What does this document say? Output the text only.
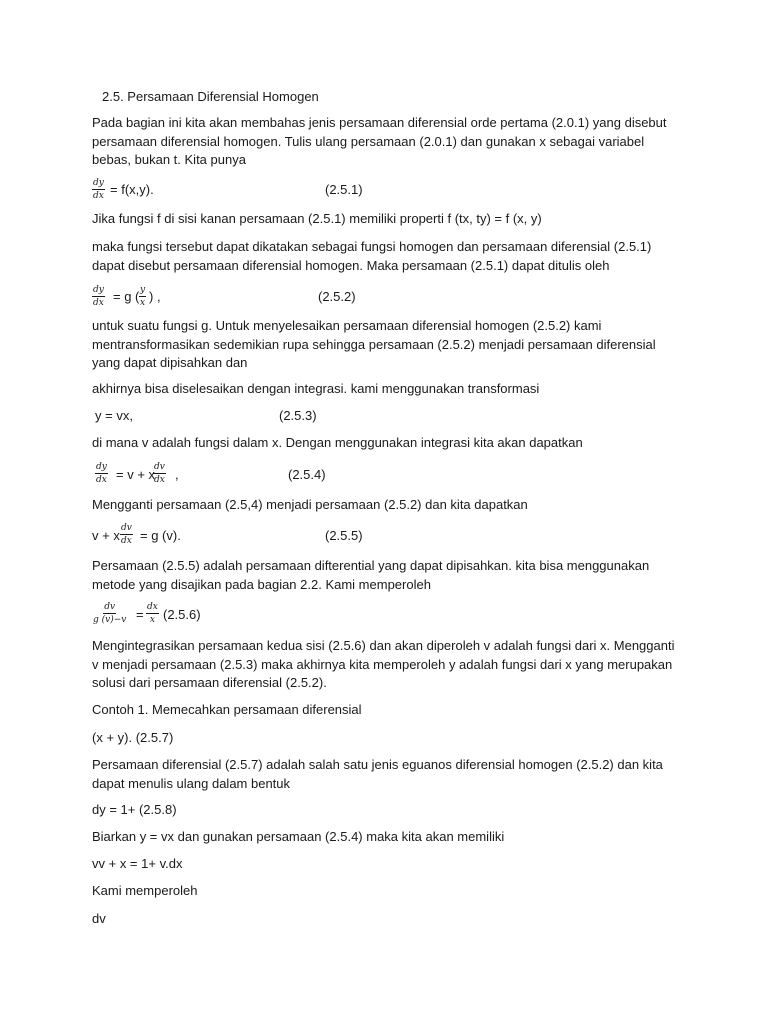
2.5. Persamaan Diferensial Homogen
Pada bagian ini kita akan membahas jenis persamaan diferensial orde pertama (2.0.1) yang disebut persamaan diferensial homogen. Tulis ulang persamaan (2.0.1) dan gunakan x sebagai variabel bebas, bukan t. Kita punya
$\frac{dy}{dx} = f(x,y)$.	(2.5.1)
Jika fungsi f di sisi kanan persamaan (2.5.1) memiliki properti f (tx, ty) = f (x, y)
maka fungsi tersebut dapat dikatakan sebagai fungsi homogen dan persamaan diferensial (2.5.1) dapat disebut persamaan diferensial homogen. Maka persamaan (2.5.1) dapat ditulis oleh
$\frac{dy}{dx} = g$ ( $\frac{y}{x}$ ) ,	(2.5.2)
untuk suatu fungsi g. Untuk menyelesaikan persamaan diferensial homogen (2.5.2) kami mentransformasikan sedemikian rupa sehingga persamaan (2.5.2) menjadi persamaan diferensial yang dapat dipisahkan dan
akhirnya bisa diselesaikan dengan integrasi. kami menggunakan transformasi
y = vx,	(2.5.3)
di mana v adalah fungsi dalam x. Dengan menggunakan integrasi kita akan dapatkan
$\frac{dy}{dx} = v + x$
$\frac{dv}{dx}$ ,	(2.5.4)
Mengganti persamaan (2.5,4) menjadi persamaan (2.5.2) dan kita dapatkan
v + x $\frac{dv}{dx} = g$ (v).	(2.5.5)
Persamaan (2.5.5) adalah persamaan difterential yang dapat dipisahkan. kita bisa menggunakan metode yang disajikan pada bagian 2.2. Kami memperoleh
$\frac{dv}{g (v)-v} = \frac{dx}{x} (2.5.6)$
Mengintegrasikan persamaan kedua sisi (2.5.6) dan akan diperoleh v adalah fungsi dari x. Mengganti v menjadi persamaan (2.5.3) maka akhirnya kita memperoleh y adalah fungsi dari x yang merupakan solusi dari persamaan diferensial (2.5.2).
Contoh 1. Memecahkan persamaan diferensial
(x + y). (2.5.7)
Persamaan diferensial (2.5.7) adalah salah satu jenis eguanos diferensial homogen (2.5.2) dan kita dapat menulis ulang dalam bentuk
dy = 1+ (2.5.8)
Biarkan y = vx dan gunakan persamaan (2.5.4) maka kita akan memiliki
vv + x = 1+ v.dx
Kami memperoleh
dv
